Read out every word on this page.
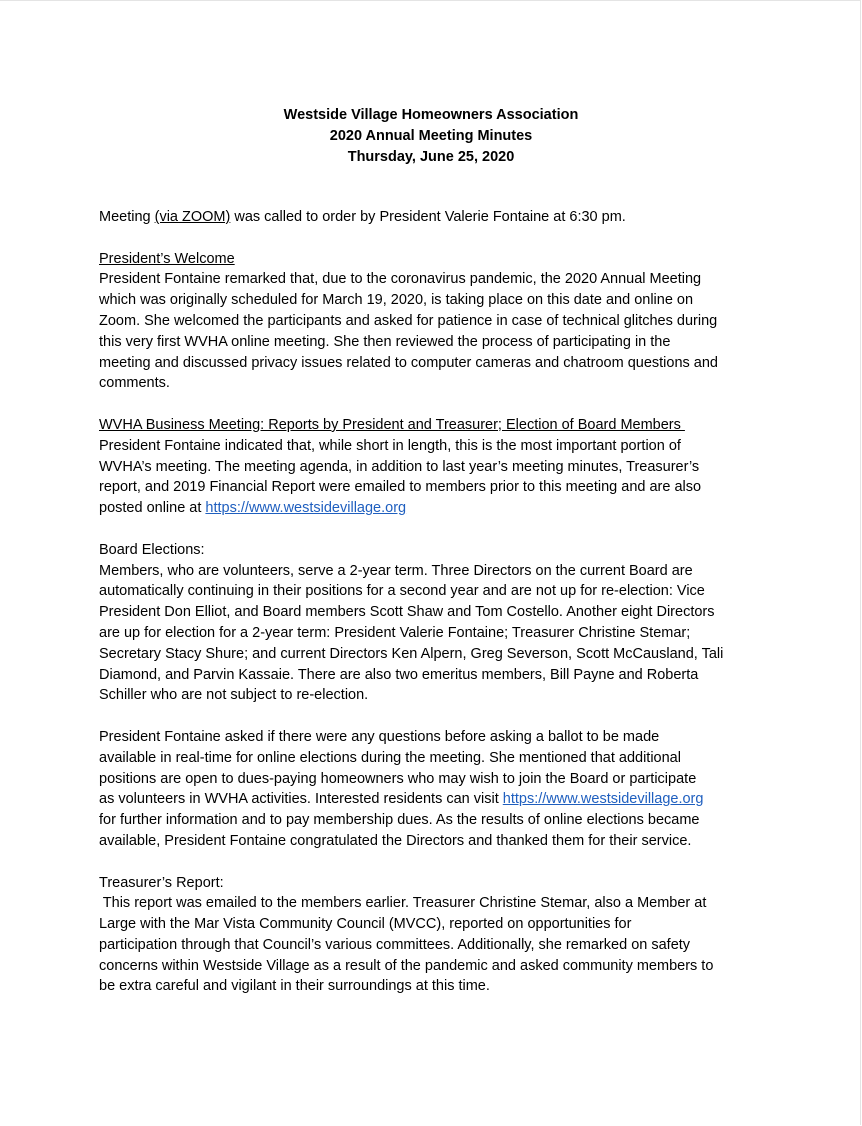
Westside Village Homeowners Association
2020 Annual Meeting Minutes
Thursday, June 25, 2020

Meeting (via ZOOM) was called to order by President Valerie Fontaine at 6:30 pm.

President’s Welcome
President Fontaine remarked that, due to the coronavirus pandemic, the 2020 Annual Meeting
which was originally scheduled for March 19, 2020, is taking place on this date and online on
Zoom. She welcomed the participants and asked for patience in case of technical glitches during
this very first WVHA online meeting. She then reviewed the process of participating in the
meeting and discussed privacy issues related to computer cameras and chatroom questions and
comments.
WVHA Business Meeting: Reports by President and Treasurer; Election of Board Members
President Fontaine indicated that, while short in length, this is the most important portion of
WVHA’s meeting. The meeting agenda, in addition to last year’s meeting minutes, Treasurer’s
report, and 2019 Financial Report were emailed to members prior to this meeting and are also
posted online at https://www.westsidevillage.org
Board Elections:
Members, who are volunteers, serve a 2-year term. Three Directors on the current Board are
automatically continuing in their positions for a second year and are not up for re-election: Vice
President Don Elliot, and Board members Scott Shaw and Tom Costello. Another eight Directors
are up for election for a 2-year term: President Valerie Fontaine; Treasurer Christine Stemar;
Secretary Stacy Shure; and current Directors Ken Alpern, Greg Severson, Scott McCausland, Tali
Diamond, and Parvin Kassaie. There are also two emeritus members, Bill Payne and Roberta
Schiller who are not subject to re-election.
President Fontaine asked if there were any questions before asking a ballot to be made
available in real-time for online elections during the meeting. She mentioned that additional
positions are open to dues-paying homeowners who may wish to join the Board or participate
as volunteers in WVHA activities. Interested residents can visit https://www.westsidevillage.org
for further information and to pay membership dues. As the results of online elections became
available, President Fontaine congratulated the Directors and thanked them for their service.
Treasurer’s Report:
This report was emailed to the members earlier. Treasurer Christine Stemar, also a Member at
Large with the Mar Vista Community Council (MVCC), reported on opportunities for
participation through that Council’s various committees. Additionally, she remarked on safety
concerns within Westside Village as a result of the pandemic and asked community members to
be extra careful and vigilant in their surroundings at this time.
